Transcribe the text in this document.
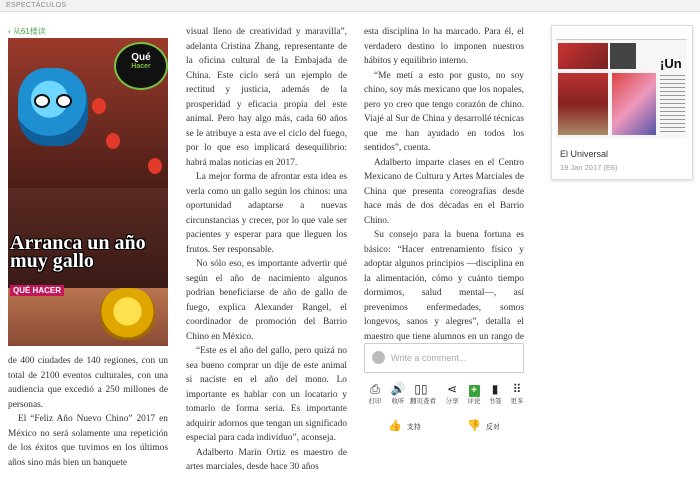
ESPECTÁCULOS
‹ 从61楼读
Qué
Hacer
Arranca un año muy gallo
QUÉ HACER

de 400 ciudades de 140 regiones, con un total de 2100 eventos culturales, con una audiencia que excedió a 250 millones de personas.

El “Feliz Año Nuevo Chino” 2017 en México no será solamente una repetición de los éxitos que tuvimos en los últimos años sino más bien un banquete

visual lleno de creatividad y maravilla”, adelanta Cristina Zhang, representante de la oficina cultural de la Embajada de China. Este ciclo será un ejemplo de rectitud y justicia, además de la prosperidad y eficacia propia del este animal. Pero hay algo más, cada 60 años se le atribuye a esta ave el ciclo del fuego, por lo que eso implicará desequilibrio: habrá malas noticias en 2017.

La mejor forma de afrontar esta idea es verla como un gallo según los chinos: una oportunidad adaptarse a nuevas circunstancias y crecer, por lo que vale ser pacientes y esperar para que lleguen los frutos. Ser responsable.

No sólo eso, es importante advertir qué según el año de nacimiento algunos podrían beneficiarse de año de gallo de fuego, explica Alexander Rangel, el coordinador de promoción del Barrio Chino en México.

“Este es el año del gallo, pero quizá no sea bueno comprar un dije de este animal si naciste en el año del mono. Lo importante es hablar con un locatario y tomarlo de forma seria. Es importante adquirir adornos que tengan un significado especial para cada individuo”, aconseja.

Adalberto Marín Ortiz es maestro de artes marciales, desde hace 30 años

esta disciplina lo ha marcado. Para él, el verdadero destino lo imponen nuestros hábitos y equilibrio interno.

“Me metí a esto por gusto, no soy chino, soy más mexicano que los nopales, pero yo creo que tengo corazón de chino. Viajé al Sur de China y desarrollé técnicas que me han ayudado en todos los sentidos”, cuenta.

Adalberto imparte clases en el Centro Mexicano de Cultura y Artes Marciales de China que presenta coreografías desde hace más de dos décadas en el Barrio Chino.

Su consejo para la buena fortuna es básico: “Hacer entrenamiento físico y adoptar algunos principios —disciplina en la alimentación, cómo y cuánto tiempo dormimos, salud mental—, así prevenimos enfermedades, somos longevos, sanos y alegres”, detalla el maestro que tiene alumnos en un rango de

Write a comment...
⎙
打印
🔊
收听
▯▯
翻页查看
⋖
分享
+
评论
▮
书签
⠿
更多
👍 支持	👎 反对
¡Un
El Universal
19 Jan 2017 (E6)
